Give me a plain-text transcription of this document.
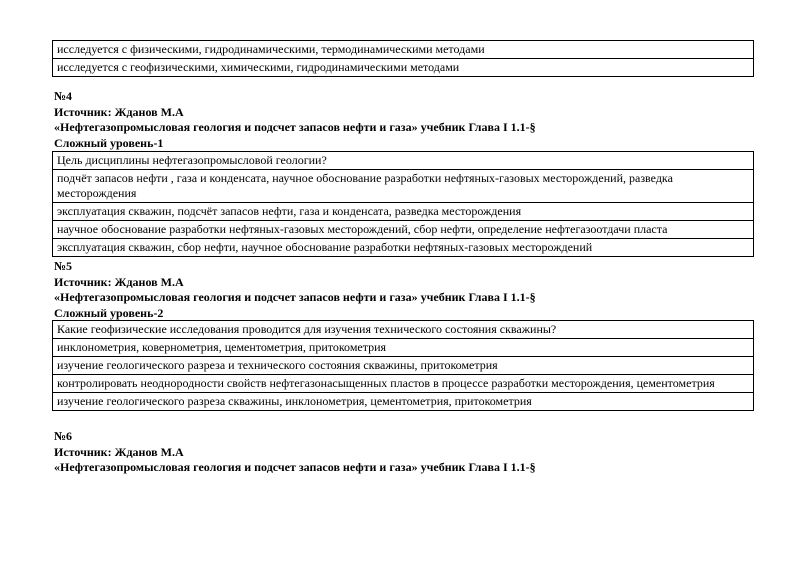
исследуется с физическими, гидродинамическими, термодинамическими методами
исследуется с геофизическими, химическими, гидродинамическими методами
№4
Источник: Жданов М.А
«Нефтегазопромысловая геология и подсчет запасов нефти и газа» учебник Глава I 1.1-§
Сложный уровень-1
Цель дисциплины нефтегазопромысловой геологии?
подчёт запасов нефти , газа и конденсата, научное обоснование разработки нефтяных-газовых месторождений, разведка месторождения
эксплуатация скважин, подсчёт запасов нефти, газа и конденсата, разведка месторождения
научное обоснование разработки нефтяных-газовых месторождений, сбор нефти, определение нефтегазоотдачи пласта
эксплуатация скважин, сбор нефти, научное обоснование разработки нефтяных-газовых месторождений
№5
Источник: Жданов М.А
«Нефтегазопромысловая геология и подсчет запасов нефти и газа» учебник Глава I 1.1-§
Сложный уровень-2
Какие геофизические исследования проводится для изучения технического состояния скважины?
инклонометрия, ковернометрия, цементометрия, притокометрия
изучение геологического разреза и технического состояния скважины, притокометрия
контролировать неоднородности свойств нефтегазонасыщенных пластов в процессе разработки месторождения, цементометрия
изучение геологического разреза скважины, инклонометрия, цементометрия, притокометрия
№6
Источник: Жданов М.А
«Нефтегазопромысловая геология и подсчет запасов нефти и газа» учебник Глава I 1.1-§
